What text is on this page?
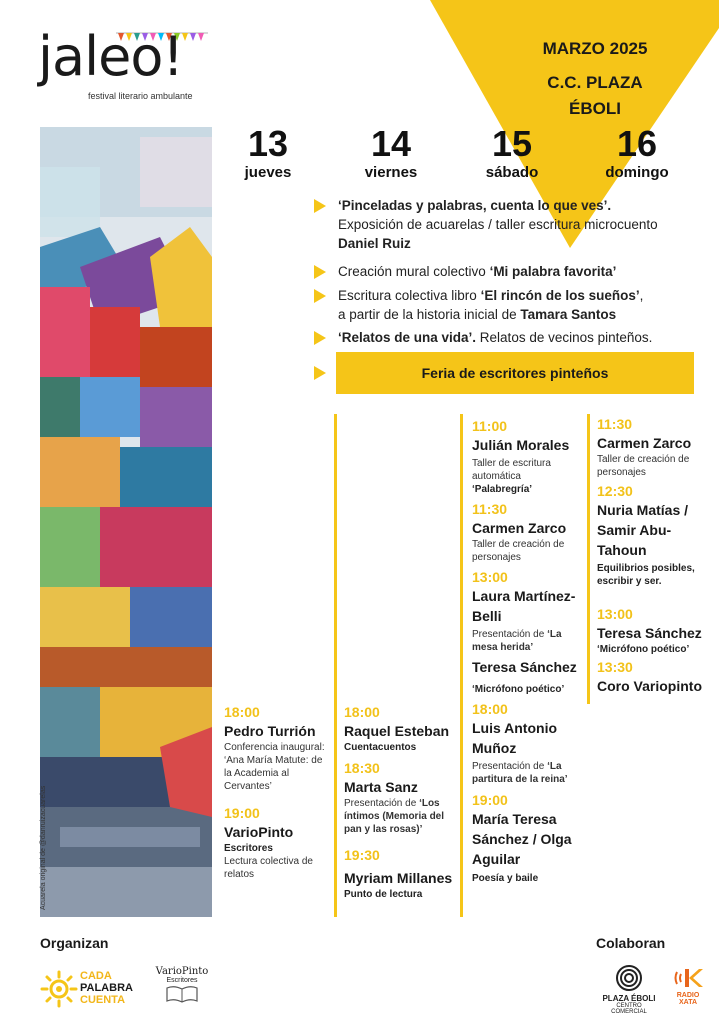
jaleo!
festival literario ambulante
MARZO 2025
C.C. PLAZA
ÉBOLI
Acuarela original de @danruizacuarelas
13
jueves
14
viernes
15
sábado
16
domingo
‘Pinceladas y palabras, cuenta lo que ves’.
Exposición de acuarelas / taller escritura microcuento
Daniel Ruiz
Creación mural colectivo ‘Mi palabra favorita’
Escritura colectiva libro ‘El rincón de los sueños’,
a partir de la historia inicial de Tamara Santos
‘Relatos de una vida’. Relatos de vecinos pinteños.
Feria de escritores pinteños
18:00
Pedro Turrión
Conferencia inaugural: ‘Ana María Matute: de la Academia al Cervantes’
19:00
VarioPinto
Escritores
Lectura colectiva de relatos
18:00
Raquel Esteban
Cuentacuentos
18:30
Marta Sanz
Presentación de ‘Los íntimos (Memoria del pan y las rosas)’
19:30
Myriam Millanes
Punto de lectura
11:00
Julián Morales
Taller de escritura automática
‘Palabregría’
11:30
Carmen Zarco
Taller de creación de personajes
13:00
Laura Martínez-Belli
Presentación de ‘La mesa herida’
Teresa Sánchez
‘Micrófono poético’
18:00
Luis Antonio Muñoz
Presentación de ‘La partitura de la reina’
19:00
María Teresa Sánchez / Olga Aguilar
Poesía y baile
11:30
Carmen Zarco
Taller de creación de personajes
12:30
Nuria Matías / Samir Abu-Tahoun
Equilibrios posibles, escribir y ser.
13:00
Teresa Sánchez
‘Micrófono poético’
13:30
Coro Variopinto
Organizan	Colaboran
CADA
PALABRA
CUENTA
VarioPinto
Escritores
PLAZA ÉBOLI
CENTRO COMERCIAL
RADIO
XATA
